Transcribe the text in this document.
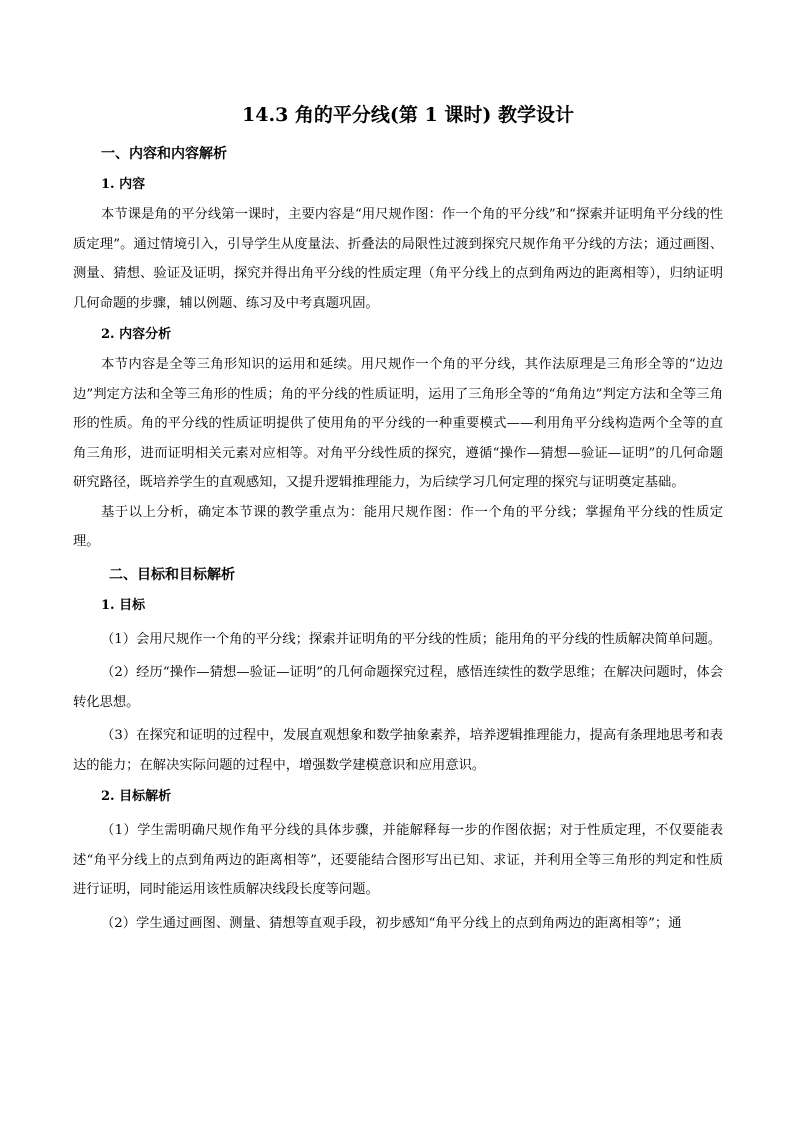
14.3 角的平分线(第 1 课时) 教学设计
一、内容和内容解析
1. 内容

本节课是角的平分线第一课时，主要内容是“用尺规作图：作一个角的平分线”和“探索并证明角平分线的性质定理”。通过情境引入，引导学生从度量法、折叠法的局限性过渡到探究尺规作角平分线的方法；通过画图、测量、猜想、验证及证明，探究并得出角平分线的性质定理（角平分线上的点到角两边的距离相等），归纳证明几何命题的步骤，辅以例题、练习及中考真题巩固。

2. 内容分析

本节内容是全等三角形知识的运用和延续。用尺规作一个角的平分线，其作法原理是三角形全等的“边边边”判定方法和全等三角形的性质；角的平分线的性质证明，运用了三角形全等的“角角边”判定方法和全等三角形的性质。角的平分线的性质证明提供了使用角的平分线的一种重要模式——利用角平分线构造两个全等的直角三角形，进而证明相关元素对应相等。对角平分线性质的探究，遵循“操作—猜想—验证—证明”的几何命题研究路径，既培养学生的直观感知，又提升逻辑推理能力，为后续学习几何定理的探究与证明奠定基础。

基于以上分析，确定本节课的教学重点为：能用尺规作图：作一个角的平分线；掌握角平分线的性质定理。

二、目标和目标解析
1. 目标

（1）会用尺规作一个角的平分线；探索并证明角的平分线的性质；能用角的平分线的性质解决简单问题。

（2）经历“操作—猜想—验证—证明”的几何命题探究过程，感悟连续性的数学思维；在解决问题时，体会转化思想。

（3）在探究和证明的过程中，发展直观想象和数学抽象素养，培养逻辑推理能力，提高有条理地思考和表达的能力；在解决实际问题的过程中，增强数学建模意识和应用意识。

2. 目标解析

（1）学生需明确尺规作角平分线的具体步骤，并能解释每一步的作图依据；对于性质定理，不仅要能表述“角平分线上的点到角两边的距离相等”，还要能结合图形写出已知、求证，并利用全等三角形的判定和性质进行证明，同时能运用该性质解决线段长度等问题。

（2）学生通过画图、测量、猜想等直观手段，初步感知“角平分线上的点到角两边的距离相等”；通
